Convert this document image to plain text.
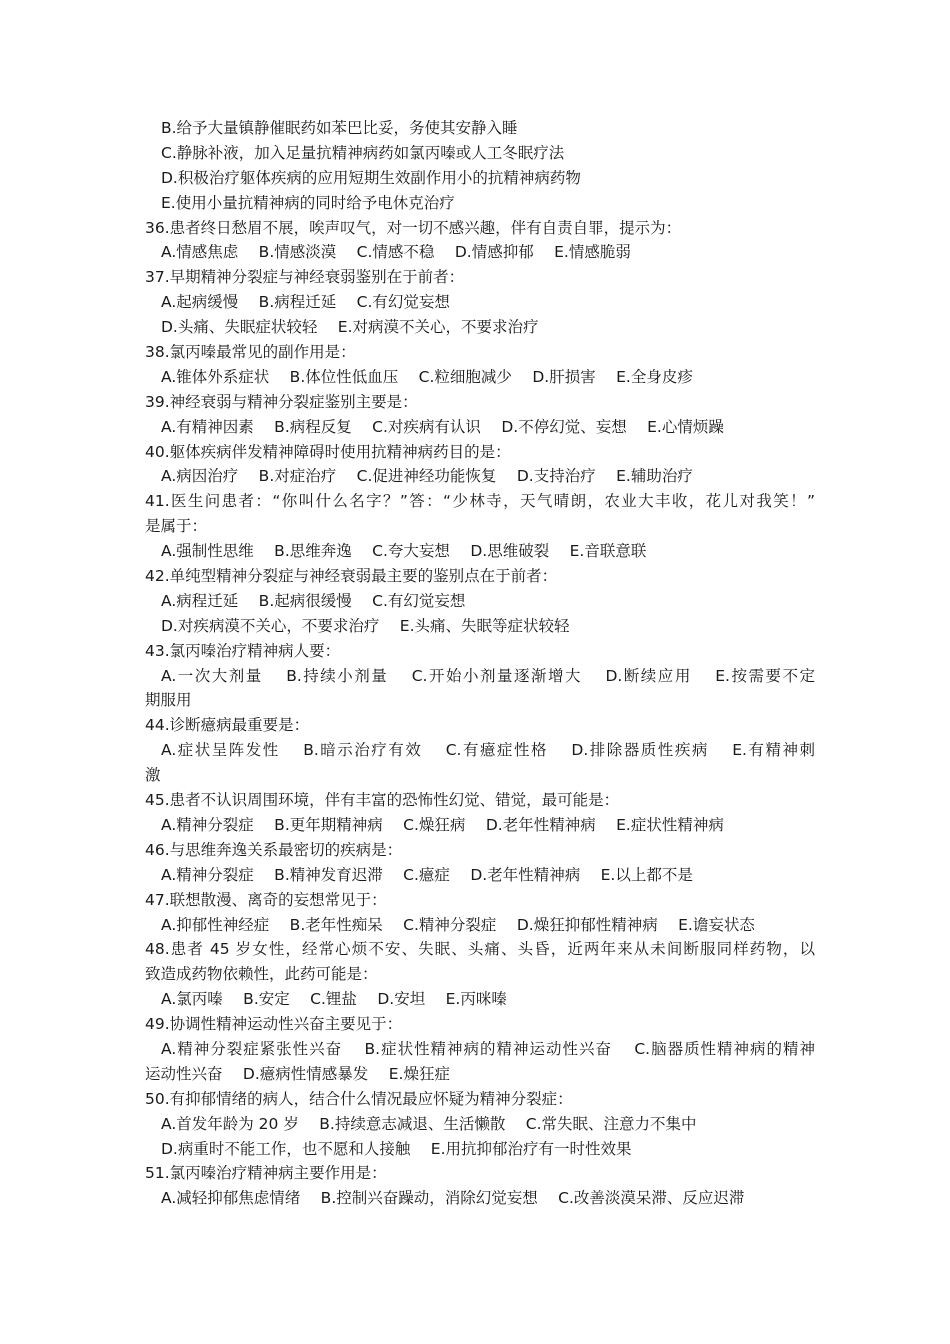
B.给予大量镇静催眠药如苯巴比妥，务使其安静入睡
C.静脉补液，加入足量抗精神病药如氯丙嗪或人工冬眠疗法
D.积极治疗躯体疾病的应用短期生效副作用小的抗精神病药物
E.使用小量抗精神病的同时给予电休克治疗
36.患者终日愁眉不展，唉声叹气，对一切不感兴趣，伴有自责自罪，提示为：
A.情感焦虑　 B.情感淡漠　 C.情感不稳　 D.情感抑郁　 E.情感脆弱
37.早期精神分裂症与神经衰弱鉴别在于前者：
A.起病缓慢　 B.病程迁延　 C.有幻觉妄想
D.头痛、失眠症状较轻　 E.对病漠不关心，不要求治疗
38.氯丙嗪最常见的副作用是：
A.锥体外系症状　 B.体位性低血压　 C.粒细胞减少　 D.肝损害　 E.全身皮疹
39.神经衰弱与精神分裂症鉴别主要是：
A.有精神因素　 B.病程反复　 C.对疾病有认识　 D.不停幻觉、妄想　 E.心情烦躁
40.躯体疾病伴发精神障碍时使用抗精神病药目的是：
A.病因治疗　 B.对症治疗　 C.促进神经功能恢复　 D.支持治疗　 E.辅助治疗
41.医生问患者：“你叫什么名字？”答：“少林寺，天气晴朗，农业大丰收，花儿对我笑！”
是属于：
A.强制性思维　 B.思维奔逸　 C.夸大妄想　 D.思维破裂　 E.音联意联
42.单纯型精神分裂症与神经衰弱最主要的鉴别点在于前者：
A.病程迁延　 B.起病很缓慢　 C.有幻觉妄想
D.对疾病漠不关心，不要求治疗　 E.头痛、失眠等症状较轻
43.氯丙嗪治疗精神病人要：
A.一次大剂量　 B.持续小剂量　 C.开始小剂量逐渐增大　 D.断续应用　 E.按需要不定
期服用
44.诊断癔病最重要是：
A.症状呈阵发性　 B.暗示治疗有效　 C.有癔症性格　 D.排除器质性疾病　 E.有精神刺
激
45.患者不认识周围环境，伴有丰富的恐怖性幻觉、错觉，最可能是：
A.精神分裂症　 B.更年期精神病　 C.燥狂病　 D.老年性精神病　 E.症状性精神病
46.与思维奔逸关系最密切的疾病是：
A.精神分裂症　 B.精神发育迟滞　 C.癔症　 D.老年性精神病　 E.以上都不是
47.联想散漫、离奇的妄想常见于：
A.抑郁性神经症　 B.老年性痴呆　 C.精神分裂症　 D.燥狂抑郁性精神病　 E.谵妄状态
48.患者 45 岁女性，经常心烦不安、失眠、头痛、头昏，近两年来从未间断服同样药物，以
致造成药物依赖性，此药可能是：
A.氯丙嗪　 B.安定　 C.锂盐　 D.安坦　 E.丙咪嗪
49.协调性精神运动性兴奋主要见于：
A.精神分裂症紧张性兴奋　 B.症状性精神病的精神运动性兴奋　 C.脑器质性精神病的精神
运动性兴奋　 D.癔病性情感暴发　 E.燥狂症
50.有抑郁情绪的病人，结合什么情况最应怀疑为精神分裂症：
A.首发年龄为 20 岁　 B.持续意志减退、生活懒散　 C.常失眠、注意力不集中
D.病重时不能工作，也不愿和人接触　 E.用抗抑郁治疗有一时性效果
51.氯丙嗪治疗精神病主要作用是：
A.减轻抑郁焦虑情绪　 B.控制兴奋躁动，消除幻觉妄想　 C.改善淡漠呆滞、反应迟滞
